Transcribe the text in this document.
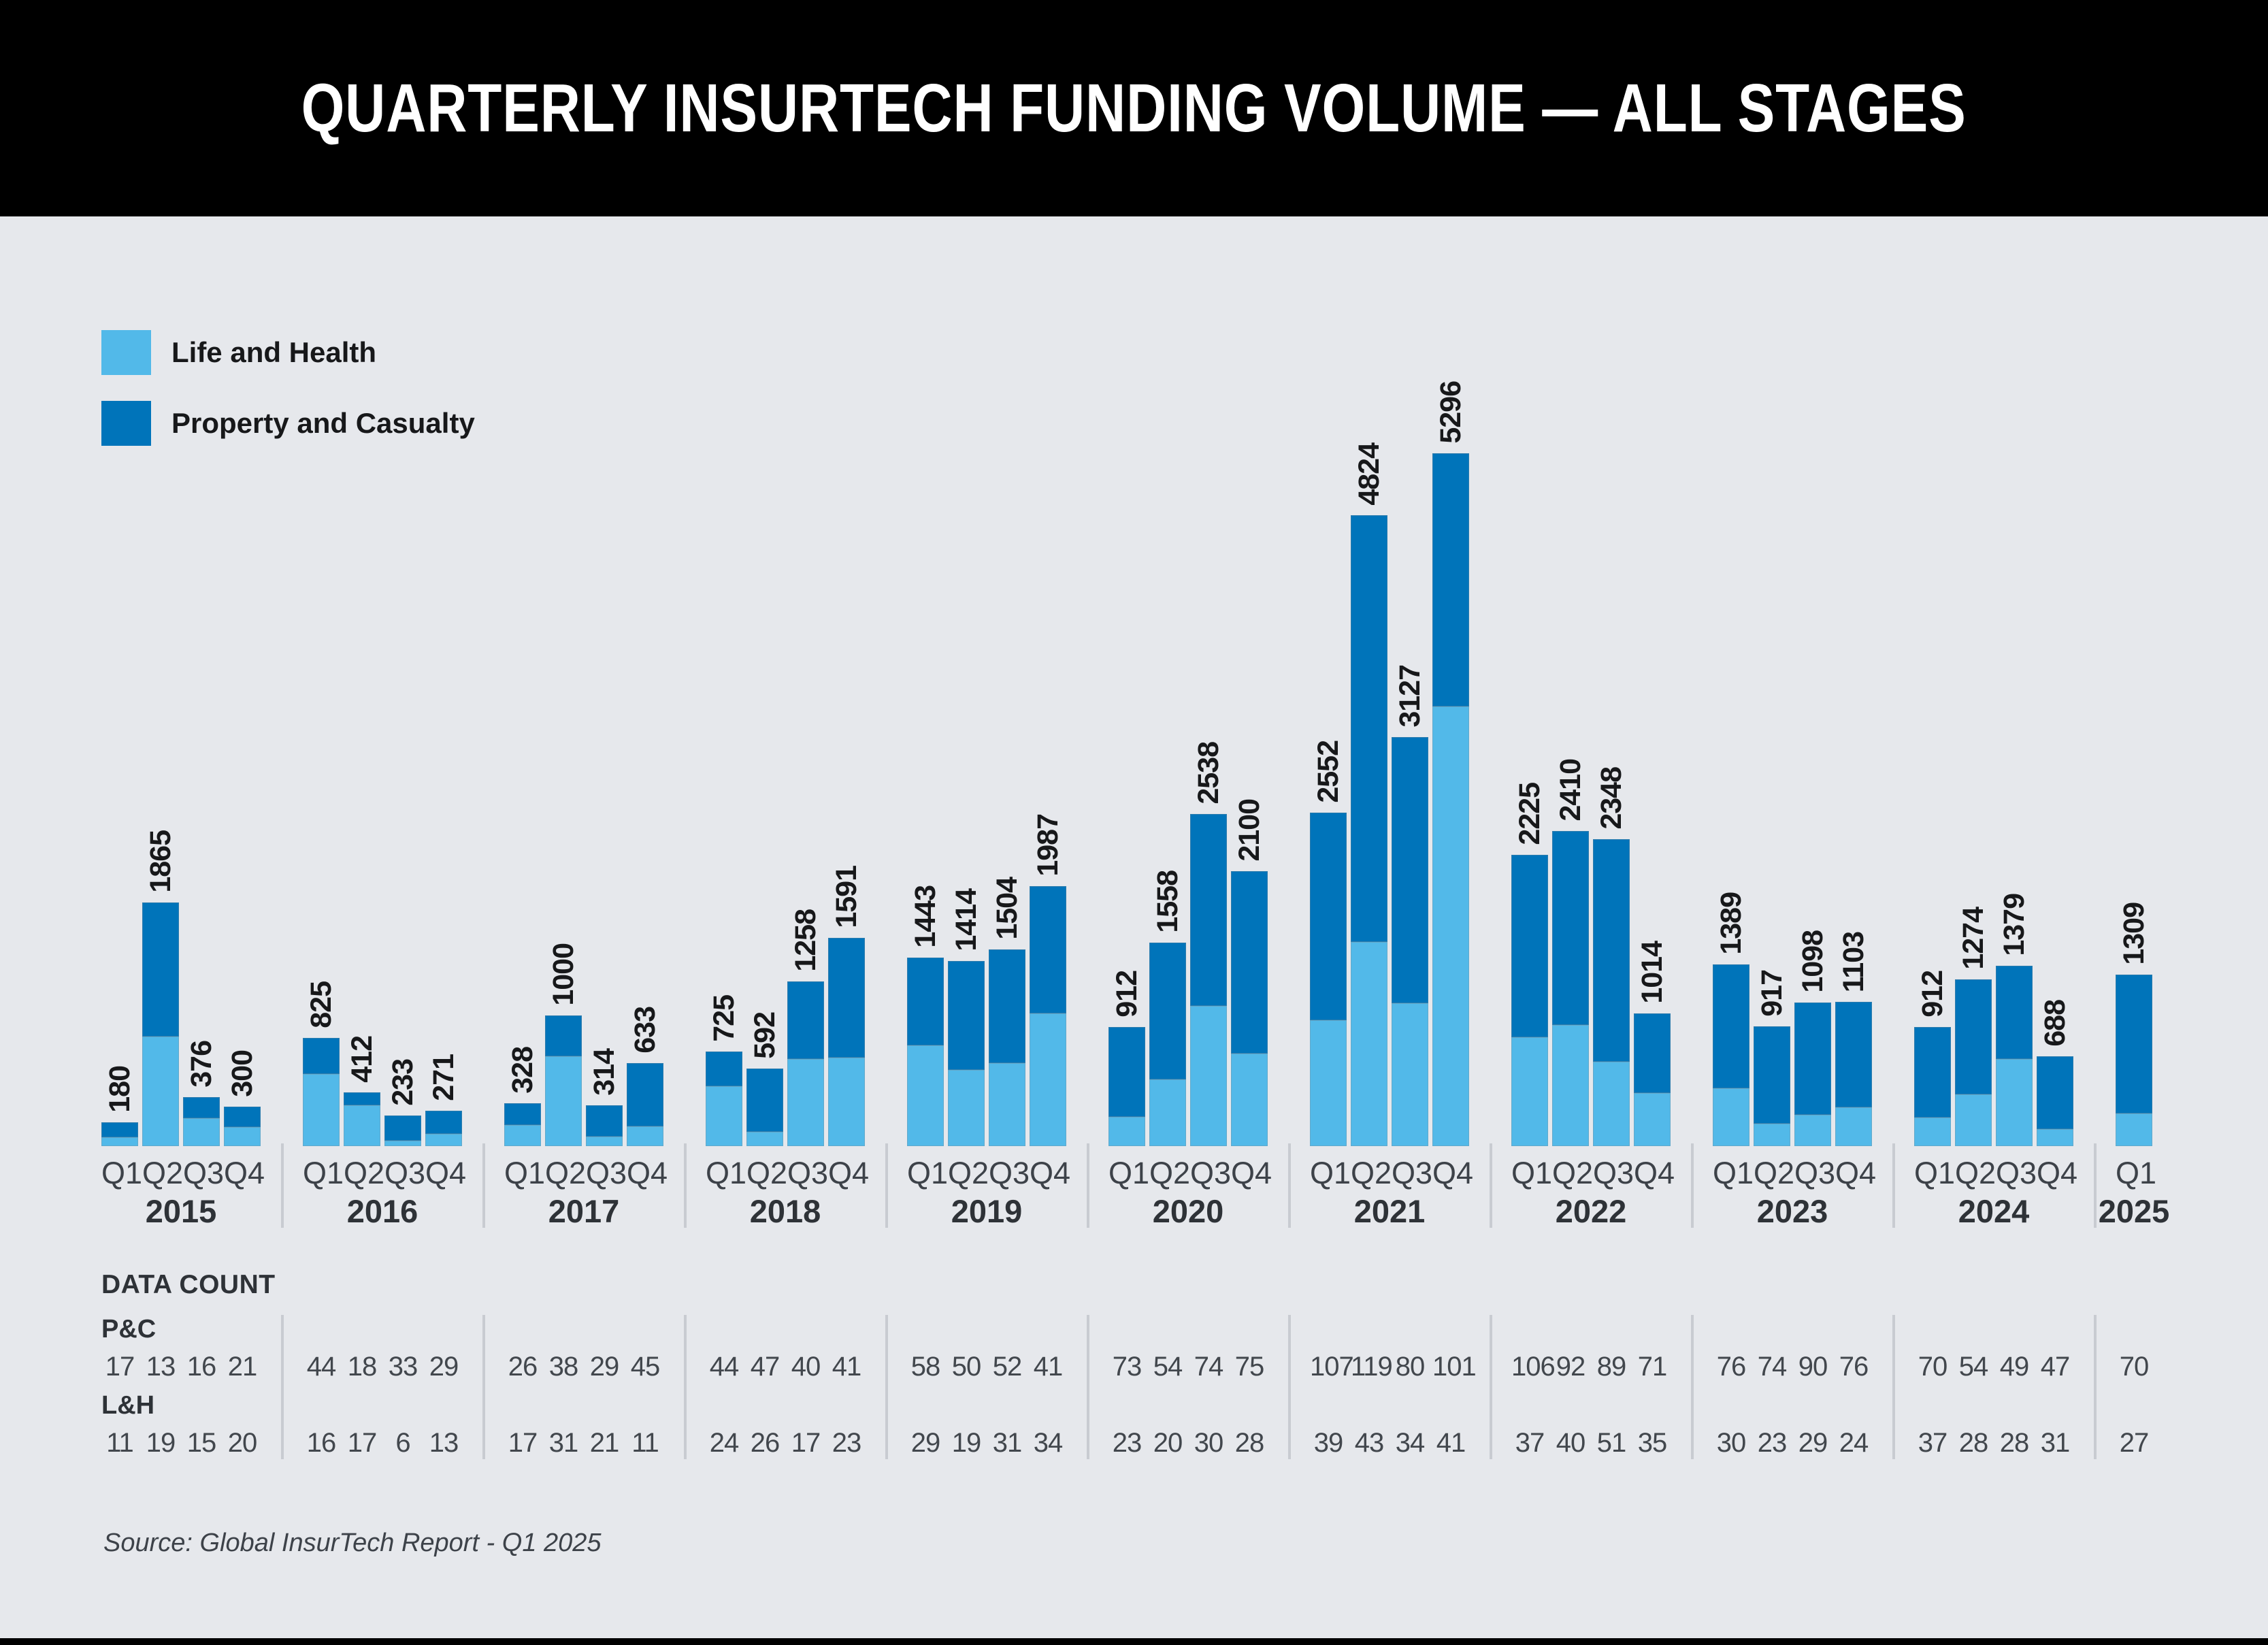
QUARTERLY INSURTECH FUNDING VOLUME — ALL STAGES
Life and Health
Property and Casualty
180
1865
376 300
Q1 Q2 Q3 Q4
2015
825
412 233 271
Q1 Q2 Q3 Q4
2016
328
1000
314
633
Q1 Q2 Q3 Q4
2017
725 592
1258
1591
Q1 Q2 Q3 Q4
2018
1443 1414 1504
1987
Q1 Q2 Q3 Q4
2019
912
1558
2538
2100
Q1 Q2 Q3 Q4
2020
2552
4824
3127
5296
Q1 Q2 Q3 Q4
2021
2225 2410 2348
1014
Q1 Q2 Q3 Q4
2022
1389
917
1098 1103
Q1 Q2 Q3 Q4
2023
912
1274 1379
688
Q1 Q2 Q3 Q4
2024
1309
Q1
2025
DATA COUNT
P&C
L&H
17 13 16 21
11 19 15 20
44 18 33 29
16 17 6 13
26 38 29 45
17 31 21 11
44 47 40 41
24 26 17 23
58 50 52 41
29 19 31 34
73 54 74 75
23 20 30 28
107
119 80 101
39 43 34 41
106 92 89 71
37 40 51 35
76 74 90 76
30 23 29 24
70 54 49 47
37 28 28 31
70
27
Source: Global InsurTech Report - Q1 2025
